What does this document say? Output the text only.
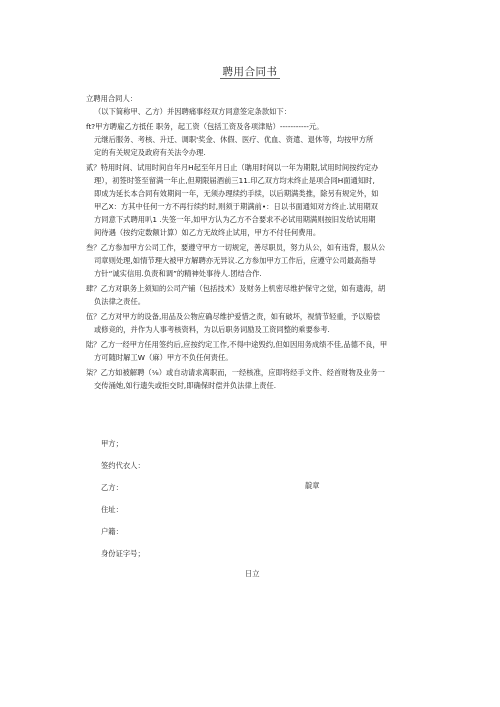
聘用合同书
立聘用合同人：
（以下简称甲、乙方）并因聘痛事经双方同意签定条款如下：
ft?甲方聘雇乙方抵任 职务，起工资（包括工资及各项津贴）-----------元。
元继后服务、考核、升迁、调职'奖金、休假、医疗、优血、资遣、退休等，均按甲方所
定的有关规定及政府有关法令办理.
贰？特用时间、试用时间自年月H起至年月日止（聃用时间以一年为期限,试用时间按约定办
理），初签时签至留满一年止,但期限届酒前三11.印乙双方均未终止是项合同H面通知时,
即成为延长本合同有效期间一年，无须办理续约手续，以后期满类推，除另有规定外，如
甲乙X：方其中任何一方不再行续约时,则须于期满前•：日以书面通知对方终止.试用期双
方同意下式聘用叭1 .失签一年,如甲方认为乙方不合要求不必试用期满则按旧发给试用期
间待遇（按约定数额计算）如乙方无故终止试用，甲方不付任何费用。
叁？乙方参加甲方公司工作，要遵守甲方一切规定，善尽职员，努力从公，如有违背，服从公
司章则处理,如情节理大被甲方解聘亦无异议.乙方参加甲方工作后，应遵守公司最高指导
方针“诚实信用.负责和调”的精神处事待人.团结合作.
肆？乙方对职务上须知的公司产铺（包括技术）及财务上机密尽维护保守之觉，如有遗海，胡
负法律之责任。
伍？乙方对甲方的设备,用品及公物应确尽维护爱惜之责，如有破坏，视情节轻重，予以赔偿
或修竞的，并作为人事考核资料，为以后职务词励及工资同整的乘要参考.
陆？乙方一经甲方任用签约后,应按约定工作,不得中途毁约,但如因用务成绩不佳,品德不良，甲
方可随时解工W（麻）甲方不负任何责任。
柒？乙方如被解聘（⅛）或自动请求离职而，一经核准，应即将经手文件、经首财物及业务一
交传涌她,如行遗失或拒交时,即确保时偿并负法律上责任.
甲方；
签约代衣人：
乙方：	靛章
住址：
户籍：
身份证字号；
日立
